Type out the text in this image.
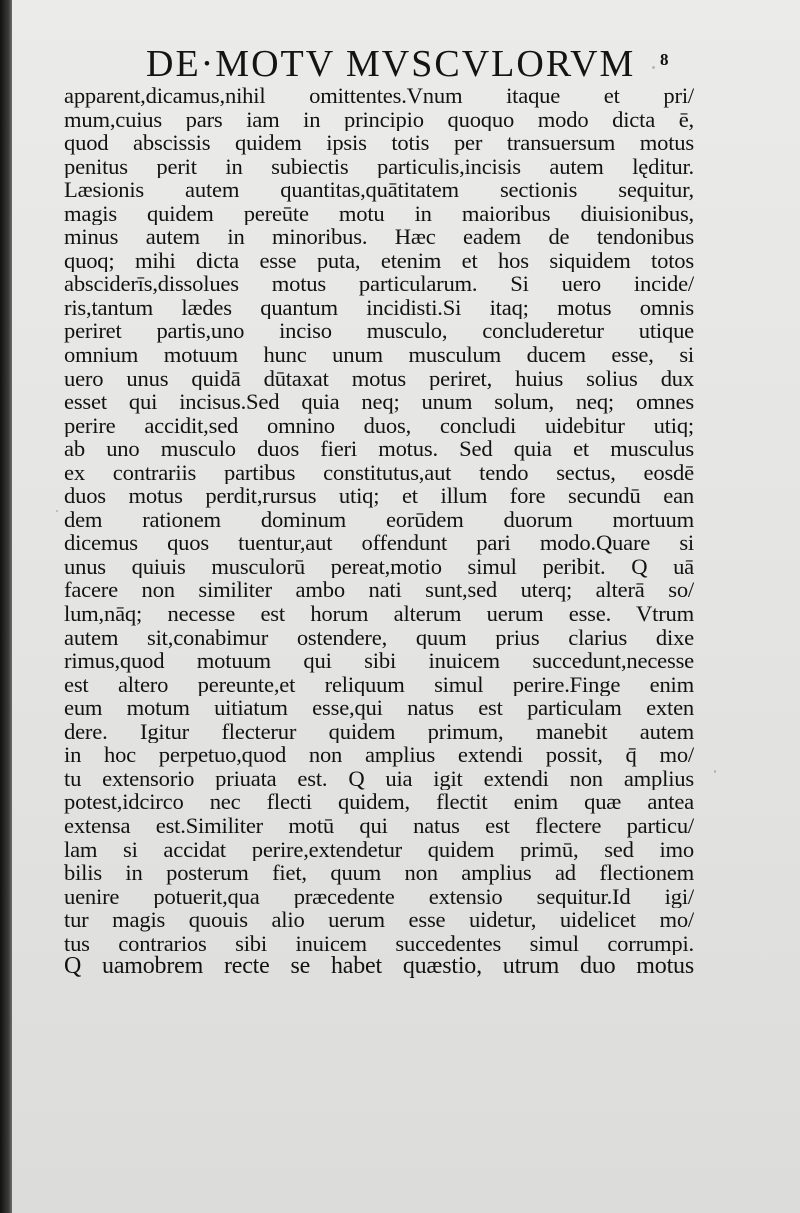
DE·MOTV MVSCVLORVM 8
apparent,dicamus,nihil omittentes.Vnum itaque et pri/
mum,cuius pars iam in principio quoquo modo dicta ē,
quod abscissis quidem ipsis totis per transuersum motus
penitus perit in subiectis particulis,incisis autem lęditur.
Læsionis autem quantitas,quātitatem sectionis sequitur,
magis quidem pereūte motu in maioribus diuisionibus,
minus autem in minoribus. Hæc eadem de tendonibus
quoq; mihi dicta esse puta, etenim et hos siquidem totos
absciderīs,dissolues motus particularum. Si uero incide/
ris,tantum lædes quantum incidisti.Si itaq; motus omnis
periret partis,uno inciso musculo, concluderetur utique
omnium motuum hunc unum musculum ducem esse, si
uero unus quidā dūtaxat motus periret, huius solius dux
esset qui incisus.Sed quia neq; unum solum, neq; omnes
perire accidit,sed omnino duos, concludi uidebitur utiq;
ab uno musculo duos fieri motus. Sed quia et musculus
ex contrariis partibus constitutus,aut tendo sectus, eosdē
duos motus perdit,rursus utiq; et illum fore secundū ean
dem rationem dominum eorūdem duorum mortuum
dicemus quos tuentur,aut offendunt pari modo.Quare si
unus quiuis musculorū pereat,motio simul peribit. Q uā
facere non similiter ambo nati sunt,sed uterq; alterā so/
lum,nāq; necesse est horum alterum uerum esse. Vtrum
autem sit,conabimur ostendere, quum prius clarius dixe
rimus,quod motuum qui sibi inuicem succedunt,necesse
est altero pereunte,et reliquum simul perire.Finge enim
eum motum uitiatum esse,qui natus est particulam exten
dere. Igitur flecterur quidem primum, manebit autem
in hoc perpetuo,quod non amplius extendi possit, q̄ mo/
tu extensorio priuata est. Q uia igit extendi non amplius
potest,idcirco nec flecti quidem, flectit enim quæ antea
extensa est.Similiter motū qui natus est flectere particu/
lam si accidat perire,extendetur quidem primū, sed imo
bilis in posterum fiet, quum non amplius ad flectionem
uenire potuerit,qua præcedente extensio sequitur.Id igi/
tur magis quouis alio uerum esse uidetur, uidelicet mo/
tus contrarios sibi inuicem succedentes simul corrumpi.
Q uamobrem recte se habet quæstio, utrum duo motus
